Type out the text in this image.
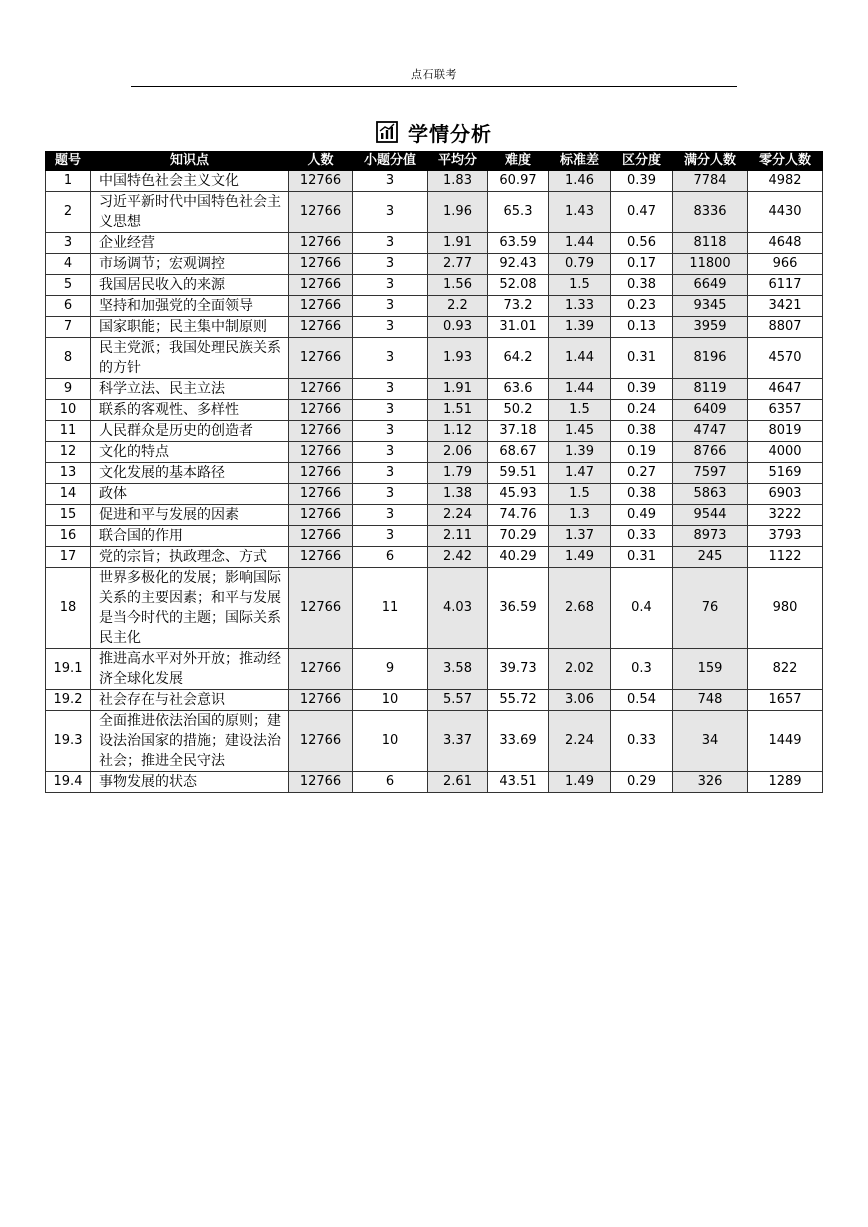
点石联考
学情分析
题号	知识点	人数	小题分值	平均分	难度	标准差	区分度	满分人数	零分人数
1	中国特色社会主义文化	12766	3	1.83	60.97	1.46	0.39	7784	4982
2	习近平新时代中国特色社会主义思想	12766	3	1.96	65.3	1.43	0.47	8336	4430
3	企业经营	12766	3	1.91	63.59	1.44	0.56	8118	4648
4	市场调节；宏观调控	12766	3	2.77	92.43	0.79	0.17	11800	966
5	我国居民收入的来源	12766	3	1.56	52.08	1.5	0.38	6649	6117
6	坚持和加强党的全面领导	12766	3	2.2	73.2	1.33	0.23	9345	3421
7	国家职能；民主集中制原则	12766	3	0.93	31.01	1.39	0.13	3959	8807
8	民主党派；我国处理民族关系的方针	12766	3	1.93	64.2	1.44	0.31	8196	4570
9	科学立法、民主立法	12766	3	1.91	63.6	1.44	0.39	8119	4647
10	联系的客观性、多样性	12766	3	1.51	50.2	1.5	0.24	6409	6357
11	人民群众是历史的创造者	12766	3	1.12	37.18	1.45	0.38	4747	8019
12	文化的特点	12766	3	2.06	68.67	1.39	0.19	8766	4000
13	文化发展的基本路径	12766	3	1.79	59.51	1.47	0.27	7597	5169
14	政体	12766	3	1.38	45.93	1.5	0.38	5863	6903
15	促进和平与发展的因素	12766	3	2.24	74.76	1.3	0.49	9544	3222
16	联合国的作用	12766	3	2.11	70.29	1.37	0.33	8973	3793
17	党的宗旨；执政理念、方式	12766	6	2.42	40.29	1.49	0.31	245	1122
18	世界多极化的发展；影响国际关系的主要因素；和平与发展是当今时代的主题；国际关系民主化	12766	11	4.03	36.59	2.68	0.4	76	980
19.1	推进高水平对外开放；推动经济全球化发展	12766	9	3.58	39.73	2.02	0.3	159	822
19.2	社会存在与社会意识	12766	10	5.57	55.72	3.06	0.54	748	1657
19.3	全面推进依法治国的原则；建设法治国家的措施；建设法治社会；推进全民守法	12766	10	3.37	33.69	2.24	0.33	34	1449
19.4	事物发展的状态	12766	6	2.61	43.51	1.49	0.29	326	1289
